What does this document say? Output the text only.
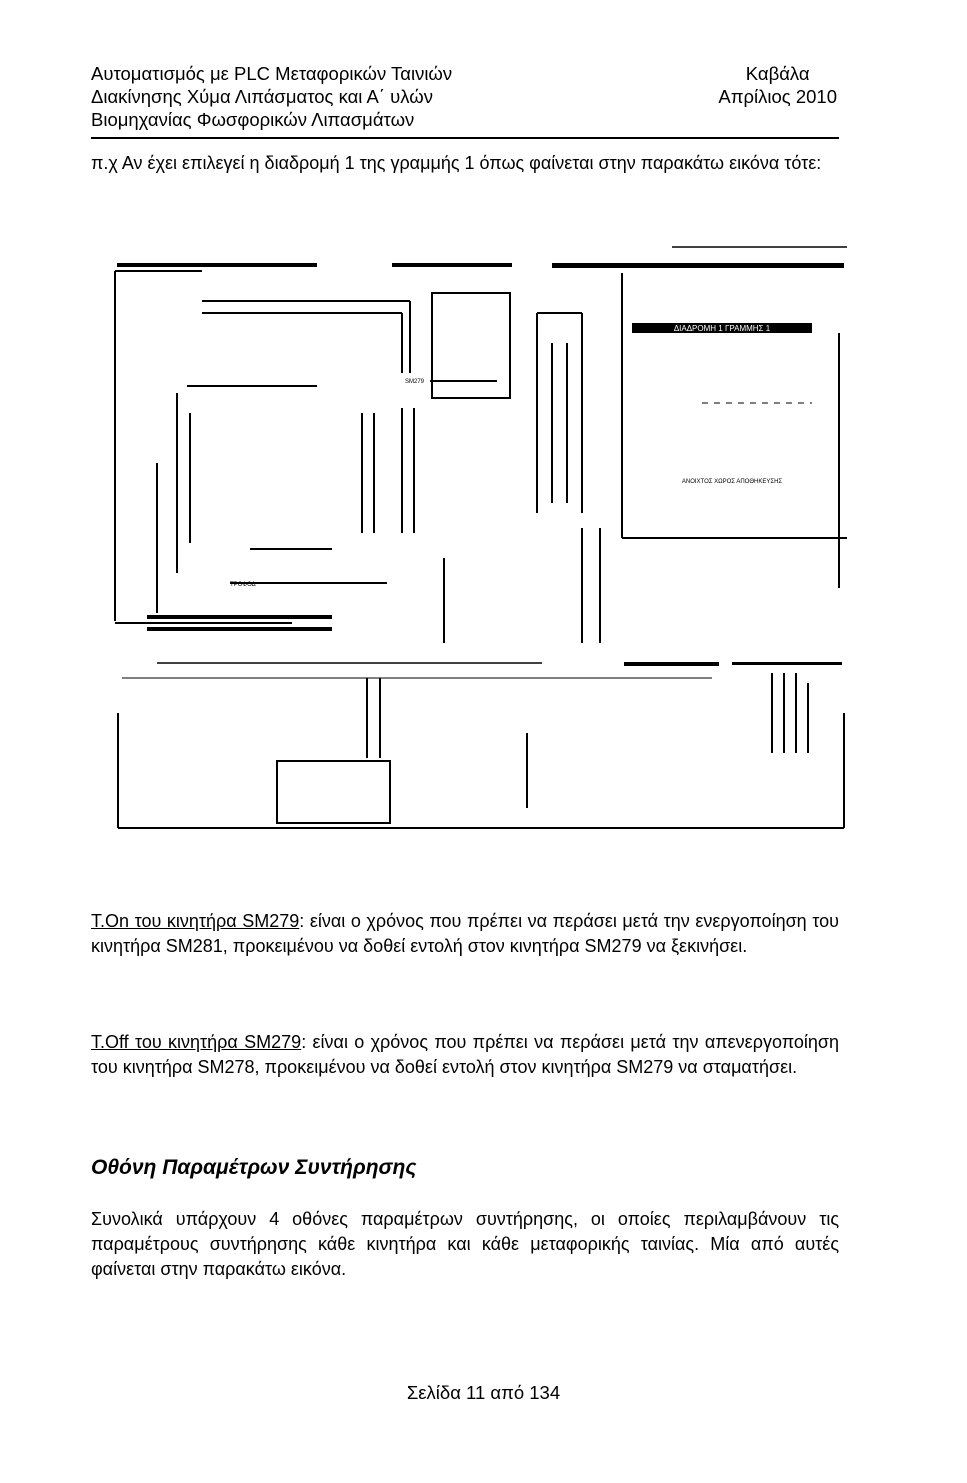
Αυτοματισμός με PLC Μεταφορικών Ταινιών
Διακίνησης Χύμα Λιπάσματος και Α΄ υλών
Βιομηχανίας Φωσφορικών Λιπασμάτων
Καβάλα
Απρίλιος 2010
π.χ Αν έχει επιλεγεί η διαδρομή 1 της γραμμής 1 όπως φαίνεται στην παρακάτω εικόνα τότε:
ΔΙΑΔΡΟΜΗ 1 ΓΡΑΜΜΗΣ 1
ΑΝΟΙΧΤΟΣ ΧΩΡΟΣ ΑΠΟΘΗΚΕΥΣΗΣ
SM279
ΤΡΟΦΟΔ
T.On του κινητήρα SM279: είναι ο χρόνος που πρέπει να περάσει μετά την ενεργοποίηση του κινητήρα SM281, προκειμένου να δοθεί εντολή στον κινητήρα SM279 να ξεκινήσει.
T.Off του κινητήρα SM279: είναι ο χρόνος που πρέπει να περάσει μετά την απενεργοποίηση του κινητήρα SM278, προκειμένου να δοθεί εντολή στον κινητήρα SM279 να σταματήσει.
Οθόνη Παραμέτρων Συντήρησης
Συνολικά υπάρχουν 4 οθόνες παραμέτρων συντήρησης, οι οποίες περιλαμβάνουν τις παραμέτρους συντήρησης κάθε κινητήρα και κάθε μεταφορικής ταινίας. Μία από αυτές φαίνεται στην παρακάτω εικόνα.
Σελίδα 11 από 134
